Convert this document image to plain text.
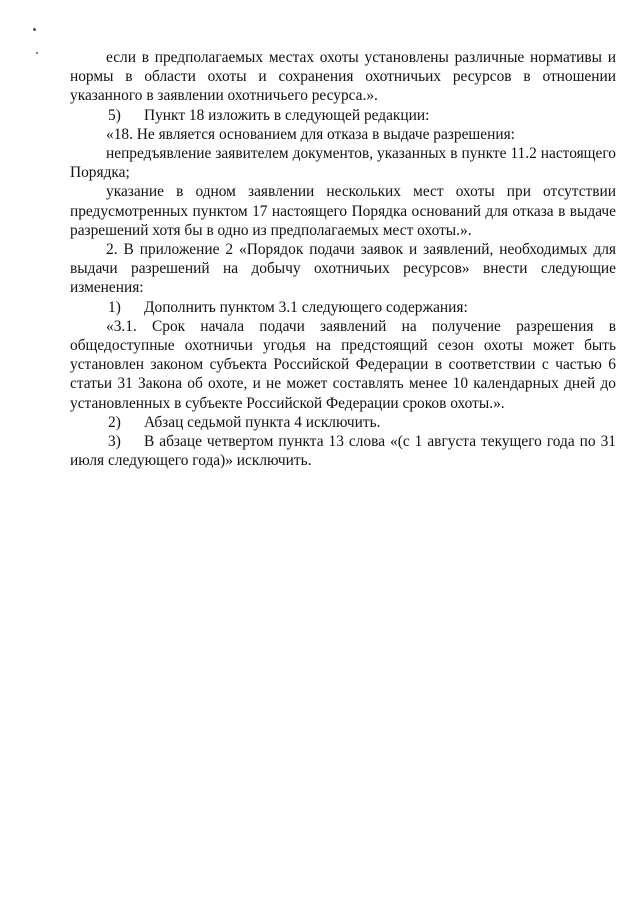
если в предполагаемых местах охоты установлены различные нормативы и нормы в области охоты и сохранения охотничьих ресурсов в отношении указанного в заявлении охотничьего ресурса.».

5) Пункт 18 изложить в следующей редакции:

«18. Не является основанием для отказа в выдаче разрешения:

непредъявление заявителем документов, указанных в пункте 11.2 настоящего Порядка;

указание в одном заявлении нескольких мест охоты при отсутствии предусмотренных пунктом 17 настоящего Порядка оснований для отказа в выдаче разрешений хотя бы в одно из предполагаемых мест охоты.».

2. В приложение 2 «Порядок подачи заявок и заявлений, необходимых для выдачи разрешений на добычу охотничьих ресурсов» внести следующие изменения:

1) Дополнить пунктом 3.1 следующего содержания:

«3.1. Срок начала подачи заявлений на получение разрешения в общедоступные охотничьи угодья на предстоящий сезон охоты может быть установлен законом субъекта Российской Федерации в соответствии с частью 6 статьи 31 Закона об охоте, и не может составлять менее 10 календарных дней до установленных в субъекте Российской Федерации сроков охоты.».

2) Абзац седьмой пункта 4 исключить.

3) В абзаце четвертом пункта 13 слова «(с 1 августа текущего года по 31 июля следующего года)» исключить.
